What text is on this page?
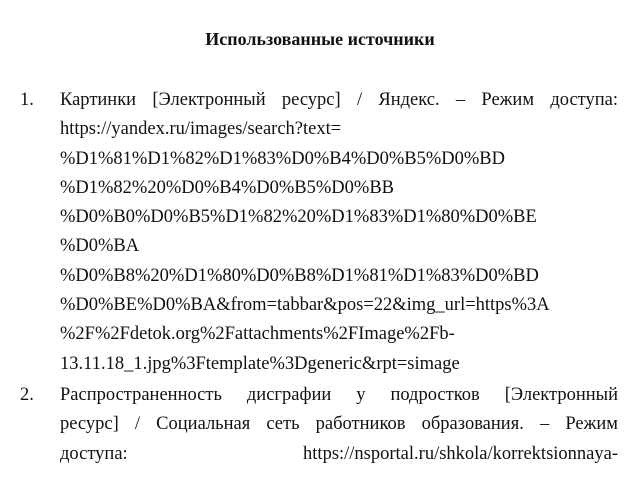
Использованные источники
1. Картинки [Электронный ресурс] / Яндекс. – Режим доступа:
https://yandex.ru/images/search?text=
%D1%81%D1%82%D1%83%D0%B4%D0%B5%D0%BD
%D1%82%20%D0%B4%D0%B5%D0%BB
%D0%B0%D0%B5%D1%82%20%D1%83%D1%80%D0%BE
%D0%BA
%D0%B8%20%D1%80%D0%B8%D1%81%D1%83%D0%BD
%D0%BE%D0%BA&from=tabbar&pos=22&img_url=https%3A
%2F%2Fdetok.org%2Fattachments%2FImage%2Fb-
13.11.18_1.jpg%3Ftemplate%3Dgeneric&rpt=simage
2. Распространенность дисграфии у подростков [Электронный
ресурс] / Социальная сеть работников образования. – Режим
доступа: https://nsportal.ru/shkola/korrektsionnaya-
